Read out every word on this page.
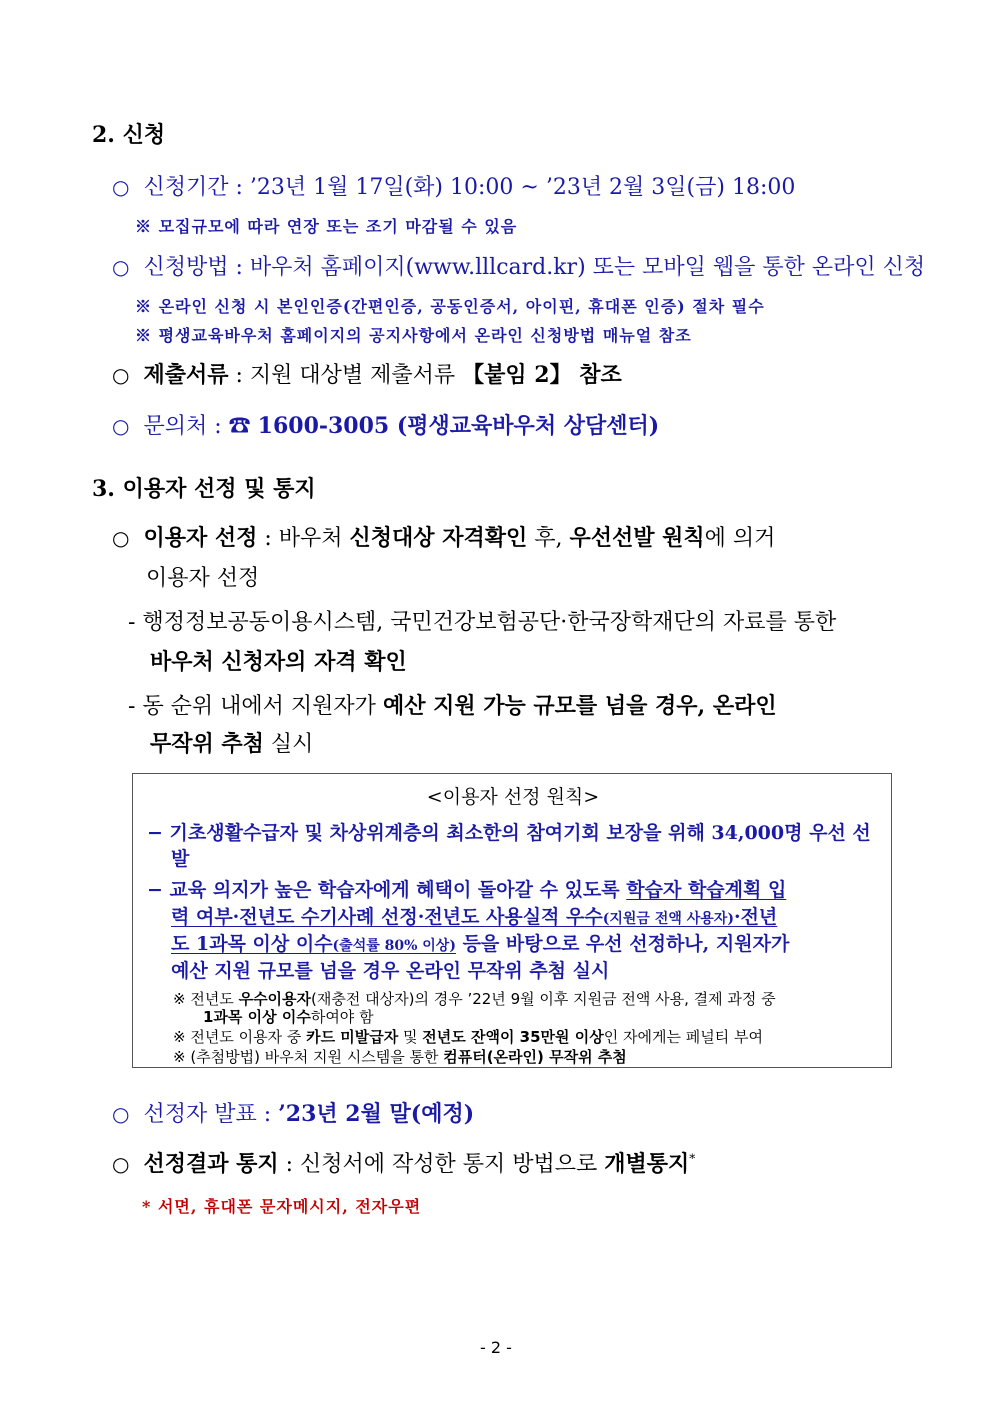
2. 신청
○ 신청기간 : ’23년 1월 17일(화) 10:00 ~ ’23년 2월 3일(금) 18:00
※ 모집규모에 따라 연장 또는 조기 마감될 수 있음
○ 신청방법 : 바우처 홈페이지(www.lllcard.kr) 또는 모바일 웹을 통한 온라인 신청
※ 온라인 신청 시 본인인증(간편인증, 공동인증서, 아이핀, 휴대폰 인증) 절차 필수
※ 평생교육바우처 홈페이지의 공지사항에서 온라인 신청방법 매뉴얼 참조
○ 제출서류 : 지원 대상별 제출서류 【붙임 2】 참조
○ 문의처 : ☎ 1600-3005 (평생교육바우처 상담센터)
3. 이용자 선정 및 통지
○ 이용자 선정 : 바우처 신청대상 자격확인 후, 우선선발 원칙에 의거
이용자 선정
- 행정정보공동이용시스템, 국민건강보험공단·한국장학재단의 자료를 통한
바우처 신청자의 자격 확인
- 동 순위 내에서 지원자가 예산 지원 가능 규모를 넘을 경우, 온라인
무작위 추첨 실시
<이용자 선정 원칙>
− 기초생활수급자 및 차상위계층의 최소한의 참여기회 보장을 위해 34,000명 우선 선
발
− 교육 의지가 높은 학습자에게 혜택이 돌아갈 수 있도록 학습자 학습계획 입
력 여부·전년도 수기사례 선정·전년도 사용실적 우수(지원금 전액 사용자)·전년
도 1과목 이상 이수(출석률 80% 이상) 등을 바탕으로 우선 선정하나, 지원자가
예산 지원 규모를 넘을 경우 온라인 무작위 추첨 실시
※ 전년도 우수이용자(재충전 대상자)의 경우 ’22년 9월 이후 지원금 전액 사용, 결제 과정 중
1과목 이상 이수하여야 함
※ 전년도 이용자 중 카드 미발급자 및 전년도 잔액이 35만원 이상인 자에게는 페널티 부여
※ (추첨방법) 바우처 지원 시스템을 통한 컴퓨터(온라인) 무작위 추첨
○ 선정자 발표 : ’23년 2월 말(예정)
○ 선정결과 통지 : 신청서에 작성한 통지 방법으로 개별통지*
* 서면, 휴대폰 문자메시지, 전자우편
- 2 -
